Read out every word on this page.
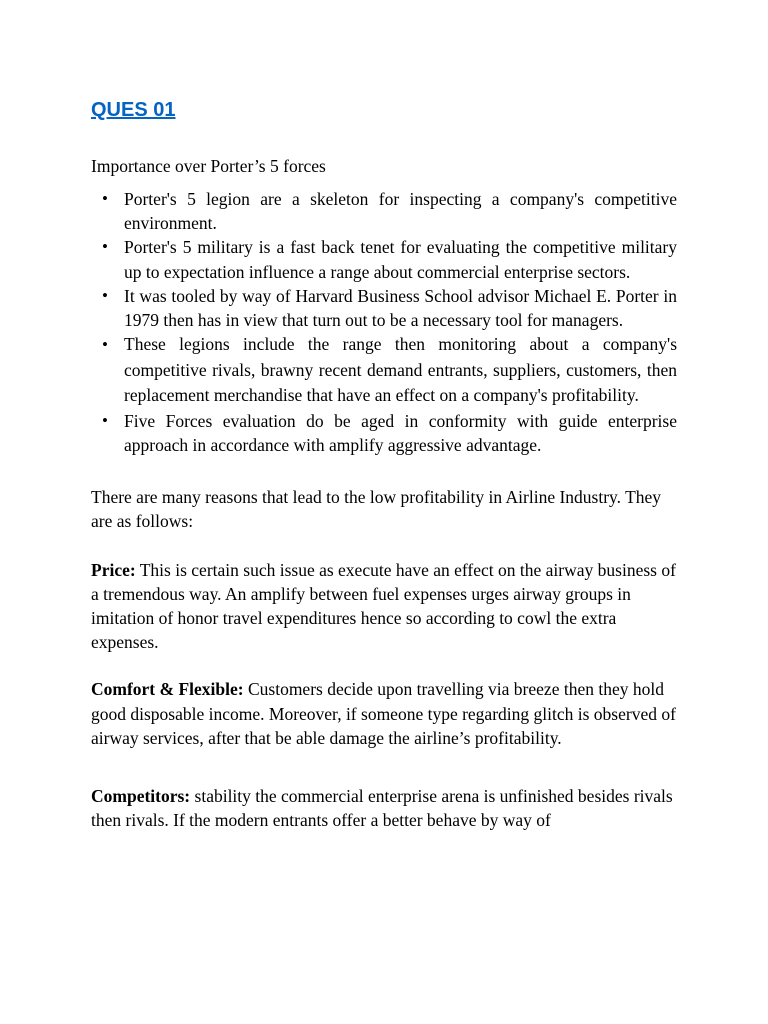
QUES 01

Importance over Porter’s 5 forces

• Porter's 5 legion are a skeleton for inspecting a company's competitive environment.
• Porter's 5 military is a fast back tenet for evaluating the competitive military up to expectation influence a range about commercial enterprise sectors.
• It was tooled by way of Harvard Business School advisor Michael E. Porter in 1979 then has in view that turn out to be a necessary tool for managers.
• These legions include the range then monitoring about a company's competitive rivals, brawny recent demand entrants, suppliers, customers, then replacement merchandise that have an effect on a company's profitability.
• Five Forces evaluation do be aged in conformity with guide enterprise approach in accordance with amplify aggressive advantage.

There are many reasons that lead to the low profitability in Airline Industry. They are as follows:

Price: This is certain such issue as execute have an effect on the airway business of a tremendous way. An amplify between fuel expenses urges airway groups in imitation of honor travel expenditures hence so according to cowl the extra expenses.

Comfort & Flexible: Customers decide upon travelling via breeze then they hold good disposable income. Moreover, if someone type regarding glitch is observed of airway services, after that be able damage the airline’s profitability.

Competitors: stability the commercial enterprise arena is unfinished besides rivals then rivals. If the modern entrants offer a better behave by way of
